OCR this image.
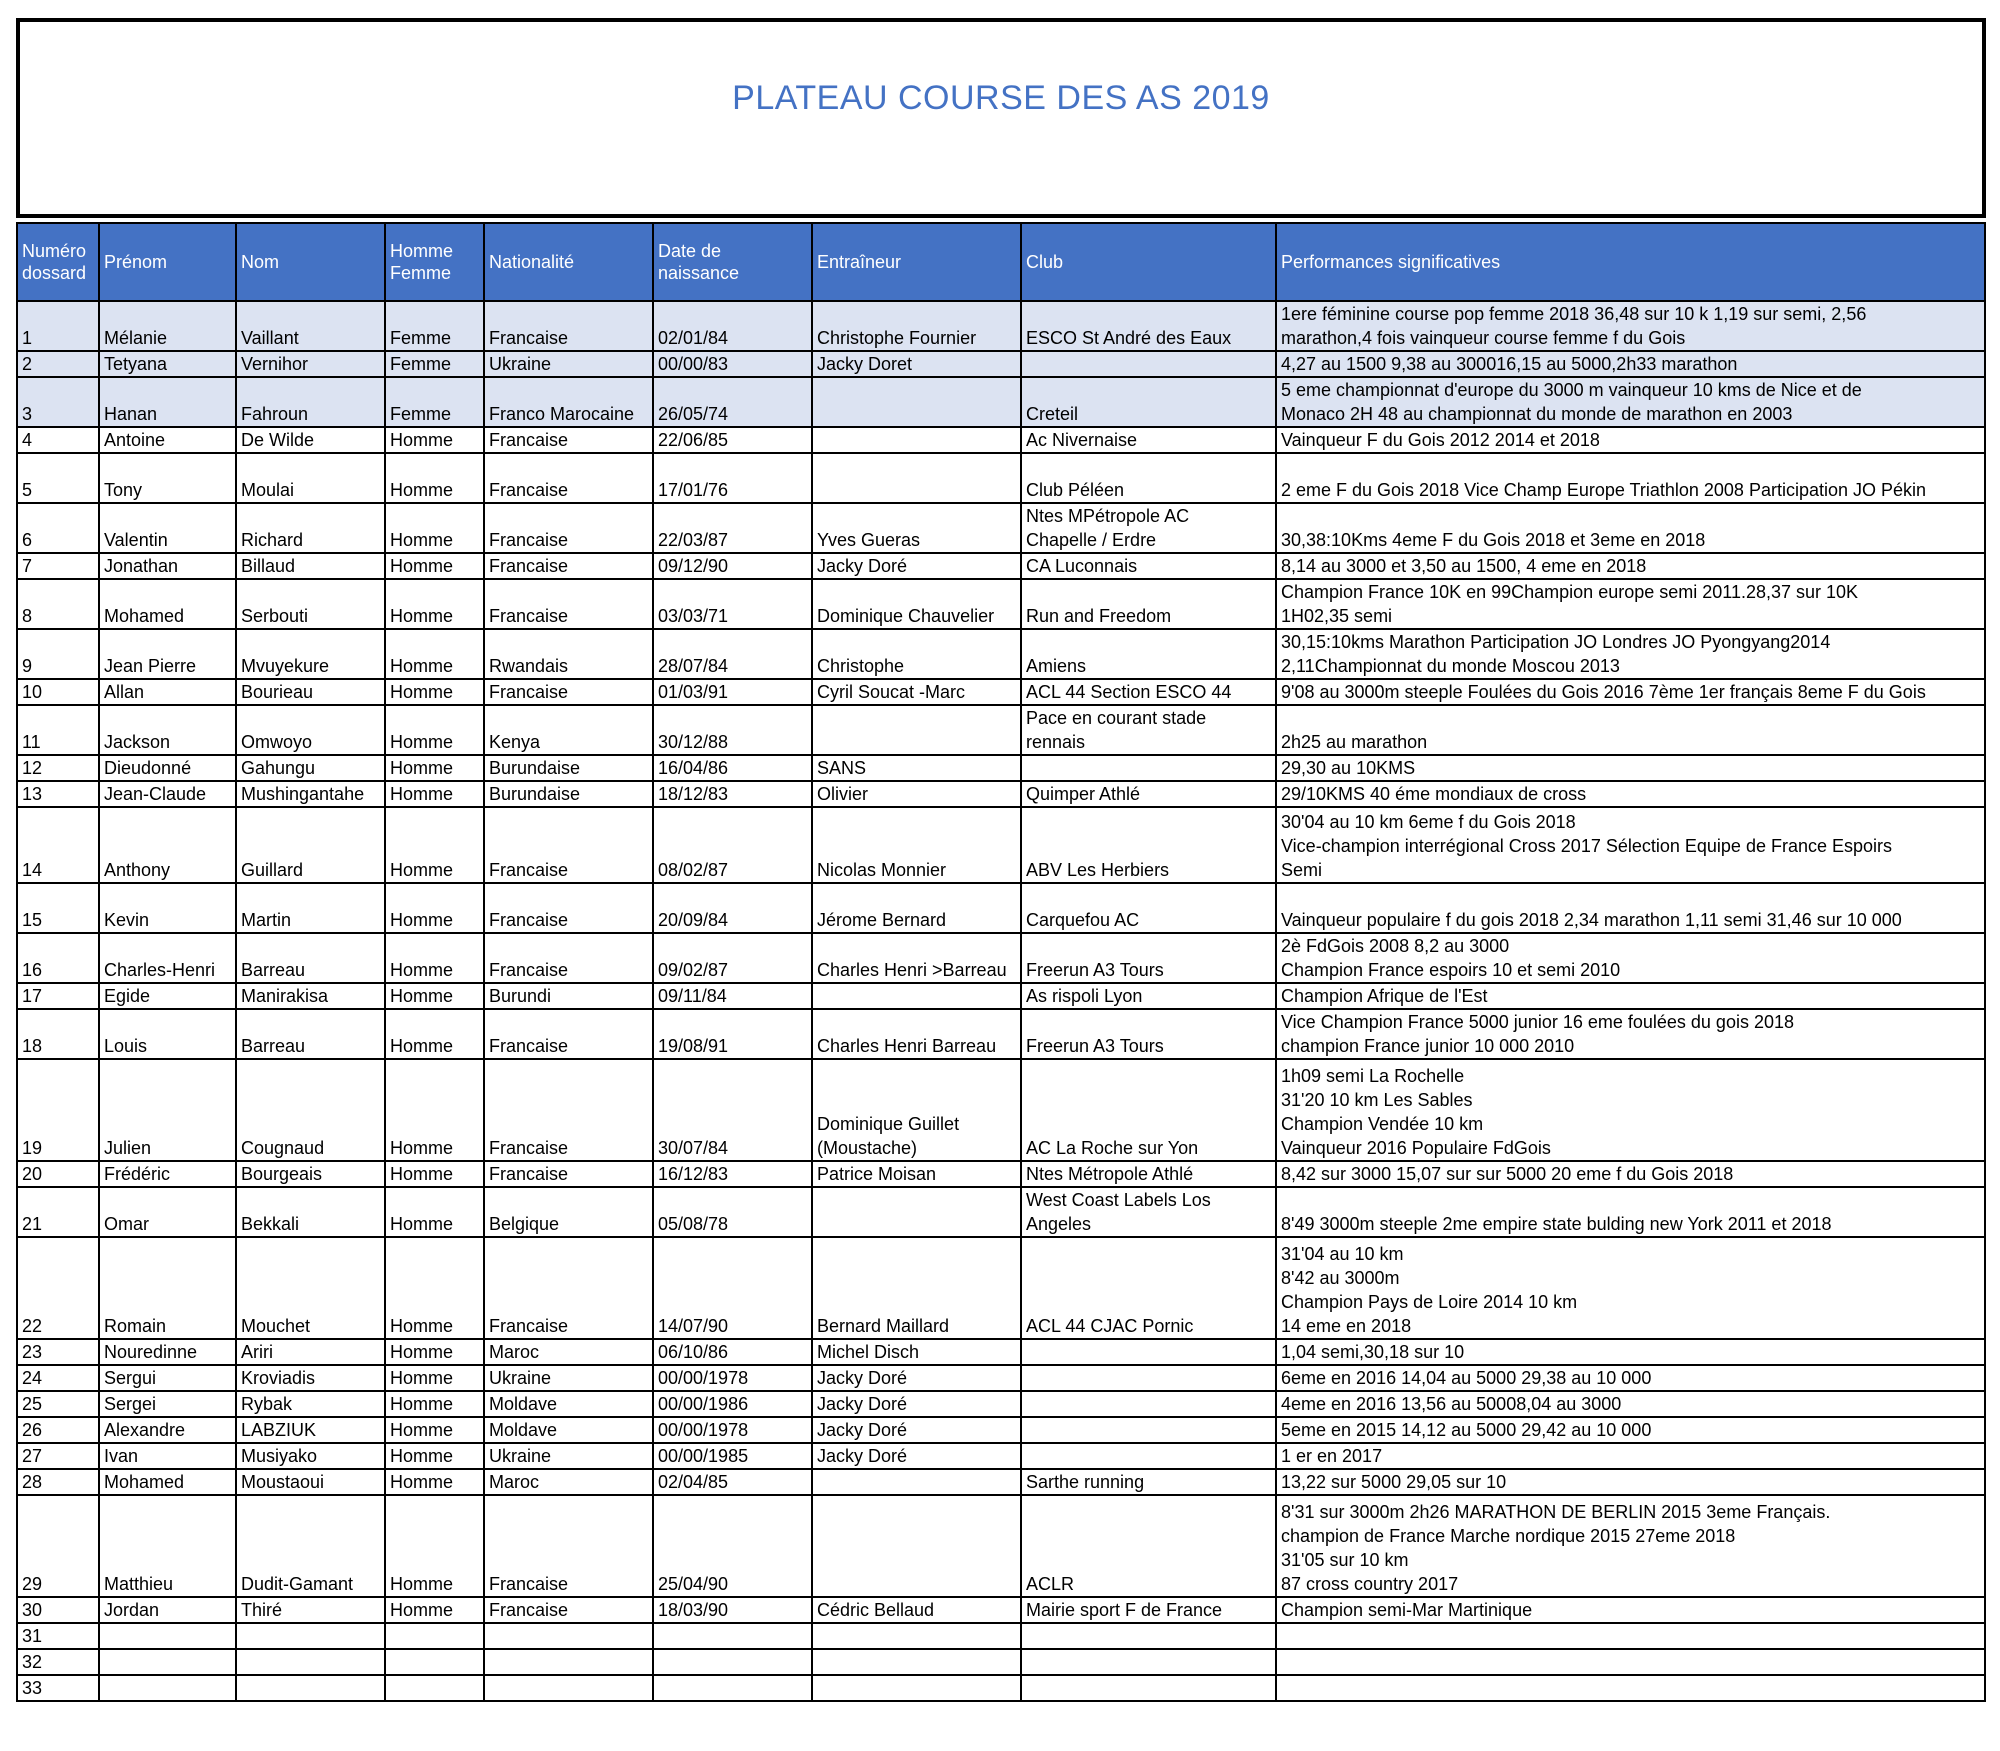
PLATEAU COURSE DES AS 2019
Numéro
dossard	Prénom	Nom	Homme
Femme	Nationalité	Date de
naissance	Entraîneur	Club	Performances significatives
1	Mélanie	Vaillant	Femme	Francaise	02/01/84	Christophe Fournier	ESCO St André des Eaux	1ere féminine course pop femme 2018 36,48 sur 10 k 1,19 sur semi, 2,56
marathon,4 fois vainqueur course femme f du Gois
2	Tetyana	Vernihor	Femme	Ukraine	00/00/83	Jacky Doret		4,27 au 1500 9,38 au 300016,15 au 5000,2h33 marathon
3	Hanan	Fahroun	Femme	Franco Marocaine	26/05/74		Creteil	5 eme championnat d'europe du 3000 m vainqueur 10 kms de Nice et de
Monaco 2H 48 au championnat du monde de marathon en 2003
4	Antoine	De Wilde	Homme	Francaise	22/06/85		Ac Nivernaise	Vainqueur F du Gois 2012 2014 et 2018
5	Tony	Moulai	Homme	Francaise	17/01/76		Club Péléen	2 eme F du Gois 2018 Vice Champ Europe Triathlon 2008 Participation JO Pékin
6	Valentin	Richard	Homme	Francaise	22/03/87	Yves Gueras	Ntes MPétropole AC
Chapelle / Erdre	30,38:10Kms 4eme F du Gois 2018 et 3eme en 2018
7	Jonathan	Billaud	Homme	Francaise	09/12/90	Jacky Doré	CA Luconnais	8,14 au 3000 et 3,50 au 1500, 4 eme en 2018
8	Mohamed	Serbouti	Homme	Francaise	03/03/71	Dominique Chauvelier	Run and Freedom	Champion France 10K en 99Champion europe semi 2011.28,37 sur 10K
1H02,35 semi
9	Jean Pierre	Mvuyekure	Homme	Rwandais	28/07/84	Christophe	Amiens	30,15:10kms Marathon Participation JO Londres JO Pyongyang2014
2,11Championnat du monde Moscou 2013
10	Allan	Bourieau	Homme	Francaise	01/03/91	Cyril Soucat -Marc	ACL 44 Section ESCO 44	9'08 au 3000m steeple Foulées du Gois 2016 7ème 1er français 8eme F du Gois
11	Jackson	Omwoyo	Homme	Kenya	30/12/88		Pace en courant stade
rennais	2h25 au marathon
12	Dieudonné	Gahungu	Homme	Burundaise	16/04/86	SANS		29,30 au 10KMS
13	Jean-Claude	Mushingantahe	Homme	Burundaise	18/12/83	Olivier	Quimper Athlé	29/10KMS 40 éme mondiaux de cross
14	Anthony	Guillard	Homme	Francaise	08/02/87	Nicolas Monnier	ABV Les Herbiers	30'04 au 10 km 6eme f du Gois 2018
Vice-champion interrégional Cross 2017 Sélection Equipe de France Espoirs
Semi
15	Kevin	Martin	Homme	Francaise	20/09/84	Jérome Bernard	Carquefou AC	Vainqueur populaire f du gois 2018 2,34 marathon 1,11 semi 31,46 sur 10 000
16	Charles-Henri	Barreau	Homme	Francaise	09/02/87	Charles Henri >Barreau	Freerun A3 Tours	2è FdGois 2008 8,2 au 3000
Champion France espoirs 10 et semi 2010
17	Egide	Manirakisa	Homme	Burundi	09/11/84		As rispoli Lyon	Champion Afrique de l'Est
18	Louis	Barreau	Homme	Francaise	19/08/91	Charles Henri Barreau	Freerun A3 Tours	Vice Champion France 5000 junior 16 eme foulées du gois 2018
champion France junior 10 000 2010
19	Julien	Cougnaud	Homme	Francaise	30/07/84	Dominique Guillet
(Moustache)	AC La Roche sur Yon	1h09 semi La Rochelle
31'20 10 km Les Sables
Champion Vendée 10 km
Vainqueur 2016 Populaire FdGois
20	Frédéric	Bourgeais	Homme	Francaise	16/12/83	Patrice Moisan	Ntes Métropole Athlé	8,42 sur 3000 15,07 sur sur 5000 20 eme f du Gois 2018
21	Omar	Bekkali	Homme	Belgique	05/08/78		West Coast Labels Los
Angeles	8'49 3000m steeple 2me empire state bulding new York 2011 et 2018
22	Romain	Mouchet	Homme	Francaise	14/07/90	Bernard Maillard	ACL 44 CJAC Pornic	31'04 au 10 km
8'42 au 3000m
Champion Pays de Loire 2014 10 km
14 eme en 2018
23	Nouredinne	Ariri	Homme	Maroc	06/10/86	Michel Disch		1,04 semi,30,18 sur 10
24	Sergui	Kroviadis	Homme	Ukraine	00/00/1978	Jacky Doré		6eme en 2016 14,04 au 5000 29,38 au 10 000
25	Sergei	Rybak	Homme	Moldave	00/00/1986	Jacky Doré		4eme en 2016 13,56 au 50008,04 au 3000
26	Alexandre	LABZIUK	Homme	Moldave	00/00/1978	Jacky Doré		5eme en 2015 14,12 au 5000 29,42 au 10 000
27	Ivan	Musiyako	Homme	Ukraine	00/00/1985	Jacky Doré		1 er en 2017
28	Mohamed	Moustaoui	Homme	Maroc	02/04/85		Sarthe running	13,22 sur 5000 29,05 sur 10
29	Matthieu	Dudit-Gamant	Homme	Francaise	25/04/90		ACLR	8'31 sur 3000m 2h26 MARATHON DE BERLIN 2015 3eme Français.
champion de France Marche nordique 2015 27eme 2018
31'05 sur 10 km
87 cross country 2017
30	Jordan	Thiré	Homme	Francaise	18/03/90	Cédric Bellaud	Mairie sport F de France	Champion semi-Mar Martinique
31								
32								
33								
